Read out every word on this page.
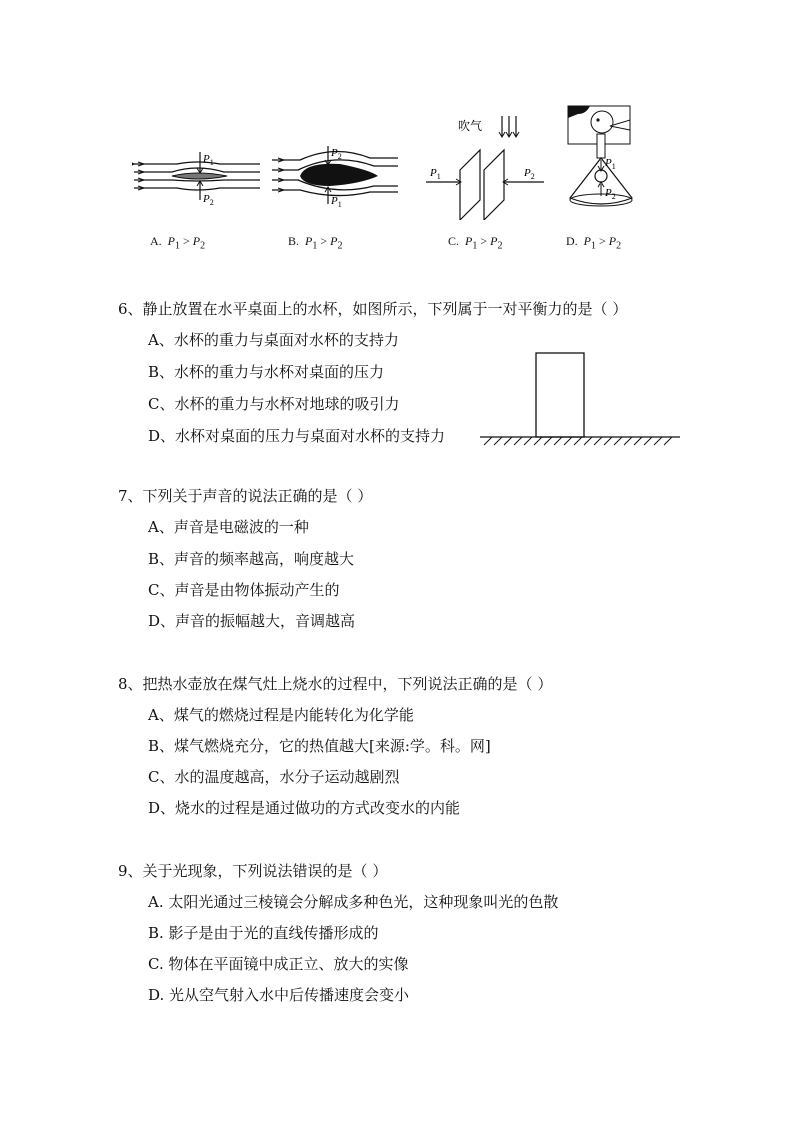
$P_1$
$P_2$
A. $P_1 > P_2$
$P_2$
$P_1$
B. $P_1 > P_2$
吹气
$P_1$	$P_2$
C. $P_1 > P_2$
$P_1$
$P_2$
D. $P_1 > P_2$
6、静止放置在水平桌面上的水杯，如图所示，下列属于一对平衡力的是（ ）
A、水杯的重力与桌面对水杯的支持力
B、水杯的重力与水杯对桌面的压力
C、水杯的重力与水杯对地球的吸引力
D、水杯对桌面的压力与桌面对水杯的支持力
7、下列关于声音的说法正确的是（ ）
A、声音是电磁波的一种
B、声音的频率越高，响度越大
C、声音是由物体振动产生的
D、声音的振幅越大，音调越高
8、把热水壶放在煤气灶上烧水的过程中，下列说法正确的是（ ）
A、煤气的燃烧过程是内能转化为化学能
B、煤气燃烧充分，它的热值越大[来源:学。科。网]
C、水的温度越高，水分子运动越剧烈
D、烧水的过程是通过做功的方式改变水的内能
9、关于光现象，下列说法错误的是（ ）
A. 太阳光通过三棱镜会分解成多种色光，这种现象叫光的色散
B. 影子是由于光的直线传播形成的
C. 物体在平面镜中成正立、放大的实像
D. 光从空气射入水中后传播速度会变小
